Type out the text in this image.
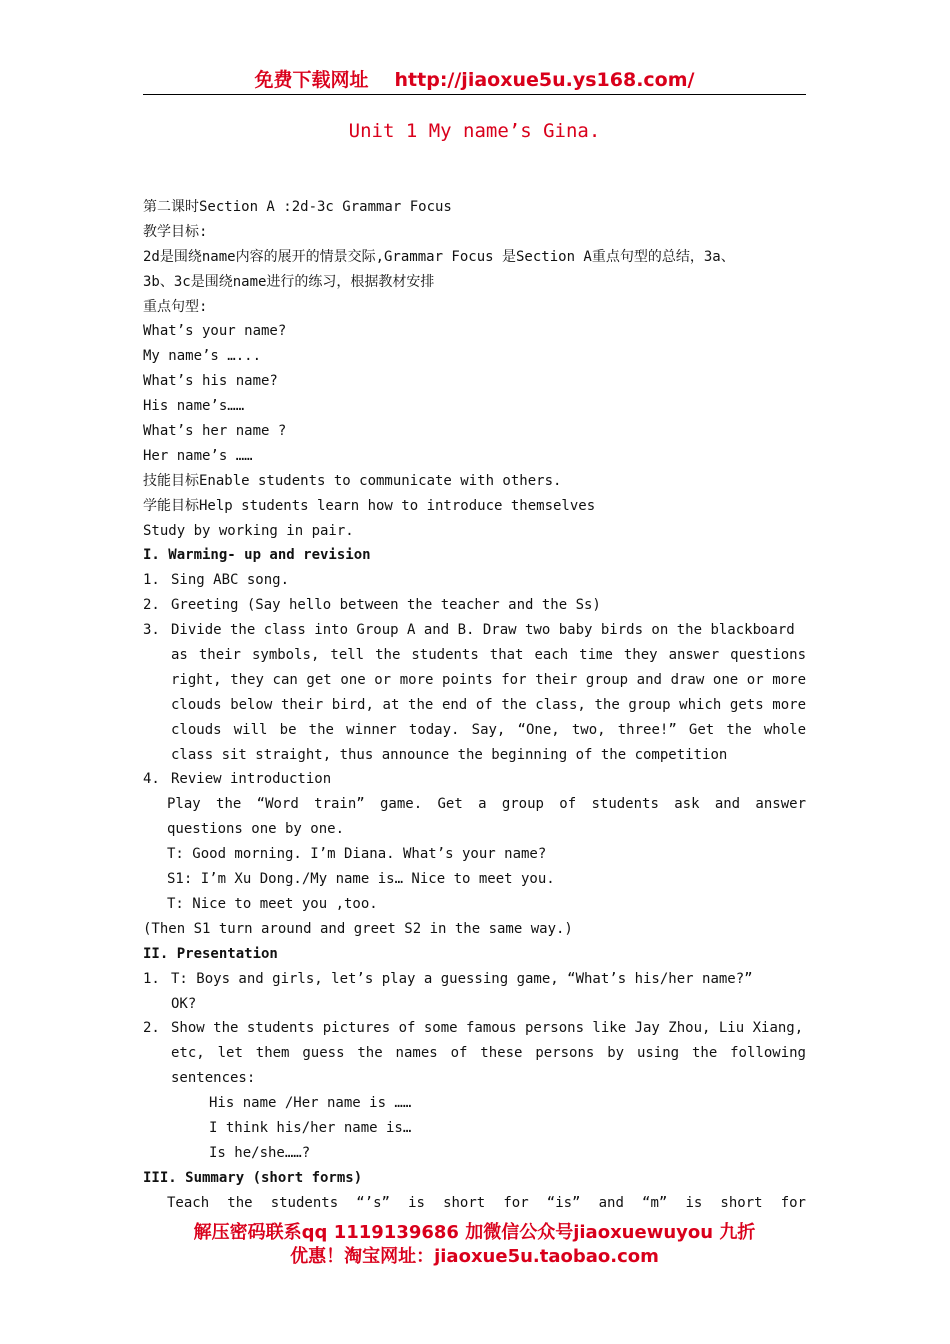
免费下载网址 http://jiaoxue5u.ys168.com/
Unit 1 My name’s Gina.
第二课时Section A :2d-3c Grammar Focus
教学目标:
2d是围绕name内容的展开的情景交际,Grammar Focus 是Section A重点句型的总结，3a、
3b、3c是围绕name进行的练习，根据教材安排
重点句型:
What’s your name?
My name’s …...
What’s his name?
His name’s……
What’s her name ?
Her name’s ……
技能目标Enable students to communicate with others.
学能目标Help students learn how to introduce themselves
Study by working in pair.
I. Warming- up and revision
1. Sing ABC song.
2. Greeting (Say hello between the teacher and the Ss)
3. Divide the class into Group A and B. Draw two baby birds on the blackboard
as their symbols, tell the students that each time they answer questions
right, they can get one or more points for their group and draw one or more
clouds below their bird, at the end of the class, the group which gets more
clouds will be the winner today. Say, “One, two, three!” Get the whole
class sit straight, thus announce the beginning of the competition
4. Review introduction
Play the “Word train” game. Get a group of students ask and answer
questions one by one.
T: Good morning. I’m Diana. What’s your name?
S1: I’m Xu Dong./My name is… Nice to meet you.
T: Nice to meet you ,too.
(Then S1 turn around and greet S2 in the same way.)
II. Presentation
1. T: Boys and girls, let’s play a guessing game, “What’s his/her name?”
OK?
2. Show the students pictures of some famous persons like Jay Zhou, Liu Xiang,
etc, let them guess the names of these persons by using the following
sentences:
His name /Her name is ……
I think his/her name is…
Is he/she……?
III. Summary (short forms)
Teach the students “’s” is short for “is” and “m” is short for
解压密码联系qq 1119139686 加微信公众号jiaoxuewuyou 九折
优惠！淘宝网址：jiaoxue5u.taobao.com
